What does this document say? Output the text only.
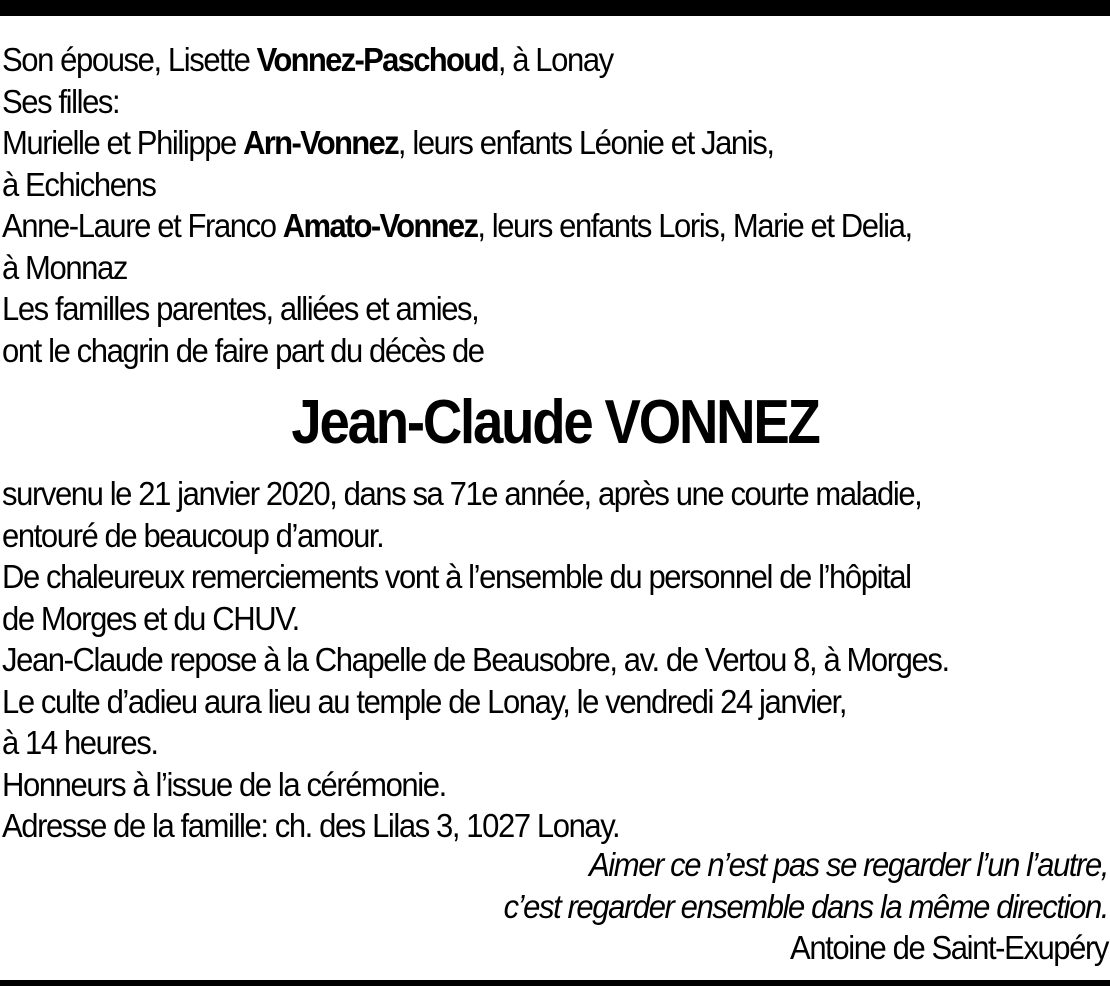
Son épouse, Lisette Vonnez-Paschoud, à Lonay
Ses filles:
Murielle et Philippe Arn-Vonnez, leurs enfants Léonie et Janis,
à Echichens
Anne-Laure et Franco Amato-Vonnez, leurs enfants Loris, Marie et Delia,
à Monnaz
Les familles parentes, alliées et amies,
ont le chagrin de faire part du décès de
Jean-Claude VONNEZ
survenu le 21 janvier 2020, dans sa 71e année, après une courte maladie,
entouré de beaucoup d’amour.
De chaleureux remerciements vont à l’ensemble du personnel de l’hôpital
de Morges et du CHUV.
Jean-Claude repose à la Chapelle de Beausobre, av. de Vertou 8, à Morges.
Le culte d’adieu aura lieu au temple de Lonay, le vendredi 24 janvier,
à 14 heures.
Honneurs à l’issue de la cérémonie.
Adresse de la famille: ch. des Lilas 3, 1027 Lonay.
Aimer ce n’est pas se regarder l’un l’autre,
c’est regarder ensemble dans la même direction.
Antoine de Saint-Exupéry
